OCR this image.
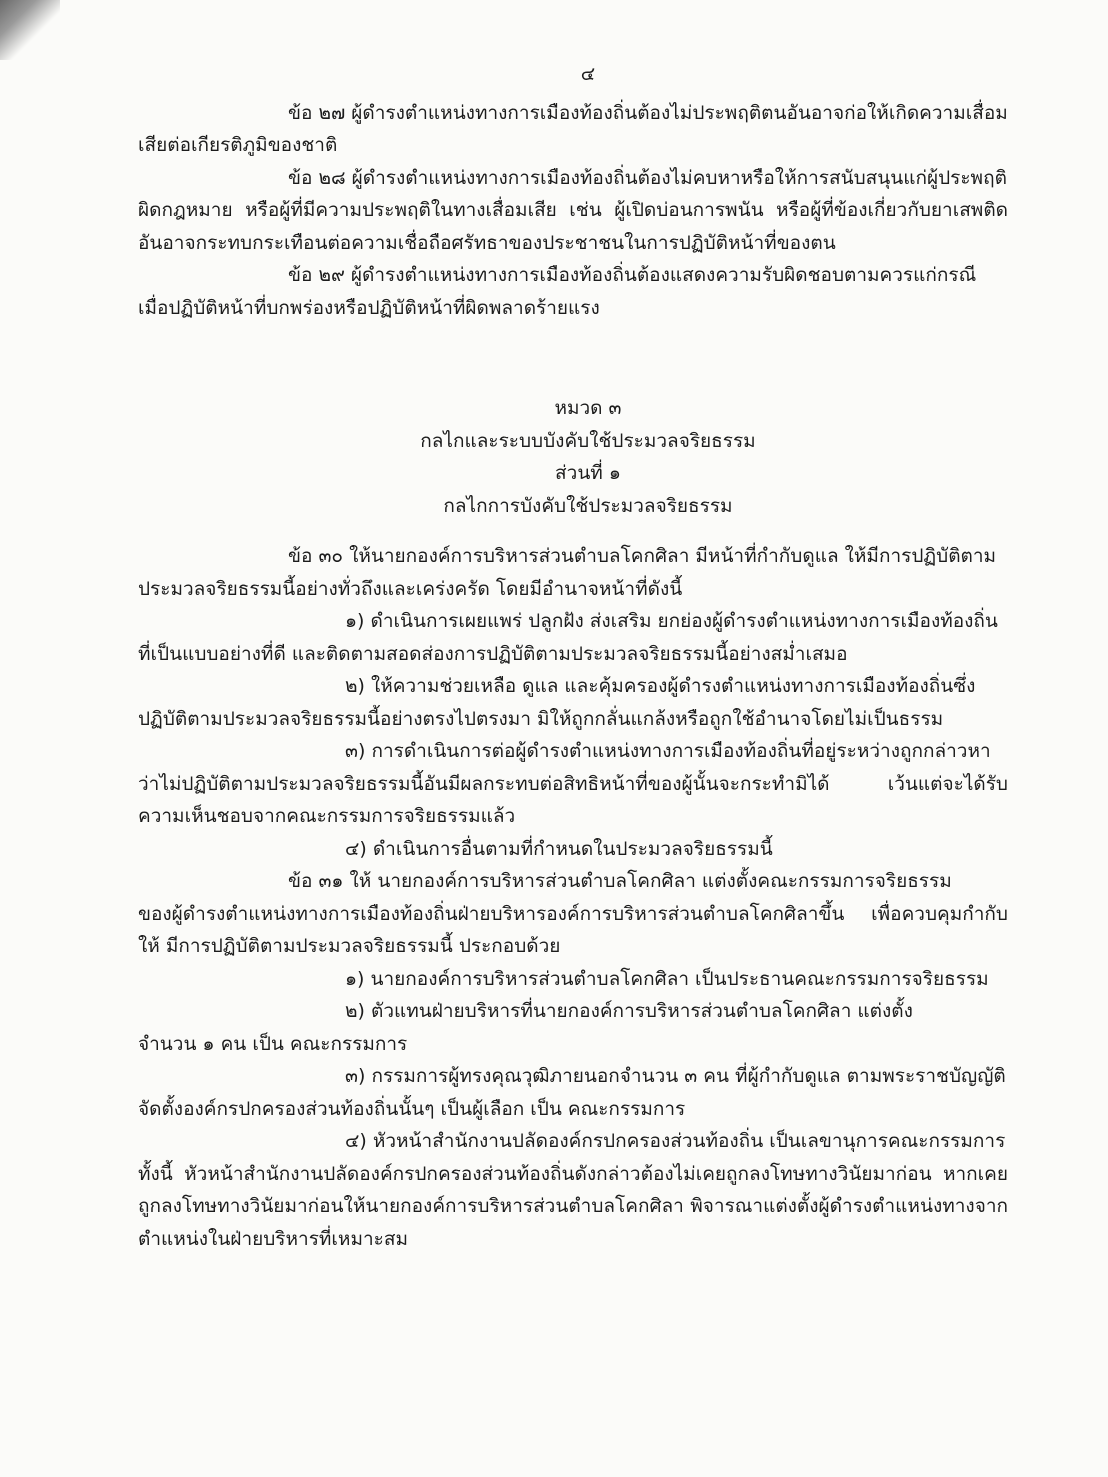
๔

ข้อ ๒๗ ผู้ดำรงตำแหน่งทางการเมืองท้องถิ่นต้องไม่ประพฤติตนอันอาจก่อให้เกิดความเสื่อม
เสียต่อเกียรติภูมิของชาติ

ข้อ ๒๘ ผู้ดำรงตำแหน่งทางการเมืองท้องถิ่นต้องไม่คบหาหรือให้การสนับสนุนแก่ผู้ประพฤติ
ผิดกฎหมาย หรือผู้ที่มีความประพฤติในทางเสื่อมเสีย เช่น ผู้เปิดบ่อนการพนัน หรือผู้ที่ข้องเกี่ยวกับยาเสพติด อันอาจกระทบกระเทือนต่อความเชื่อถือศรัทธาของประชาชนในการปฏิบัติหน้าที่ของตน

ข้อ ๒๙ ผู้ดำรงตำแหน่งทางการเมืองท้องถิ่นต้องแสดงความรับผิดชอบตามควรแก่กรณี
เมื่อปฏิบัติหน้าที่บกพร่องหรือปฏิบัติหน้าที่ผิดพลาดร้ายแรง

หมวด ๓

กลไกและระบบบังคับใช้ประมวลจริยธรรม

ส่วนที่ ๑

กลไกการบังคับใช้ประมวลจริยธรรม

ข้อ ๓๐ ให้นายกองค์การบริหารส่วนตำบลโคกศิลา มีหน้าที่กำกับดูแล ให้มีการปฏิบัติตาม
ประมวลจริยธรรมนี้อย่างทั่วถึงและเคร่งครัด โดยมีอำนาจหน้าที่ดังนี้

๑) ดำเนินการเผยแพร่ ปลูกฝัง ส่งเสริม ยกย่องผู้ดำรงตำแหน่งทางการเมืองท้องถิ่น
ที่เป็นแบบอย่างที่ดี และติดตามสอดส่องการปฏิบัติตามประมวลจริยธรรมนี้อย่างสม่ำเสมอ

๒) ให้ความช่วยเหลือ ดูแล และคุ้มครองผู้ดำรงตำแหน่งทางการเมืองท้องถิ่นซึ่ง
ปฏิบัติตามประมวลจริยธรรมนี้อย่างตรงไปตรงมา มิให้ถูกกลั่นแกล้งหรือถูกใช้อำนาจโดยไม่เป็นธรรม

๓) การดำเนินการต่อผู้ดำรงตำแหน่งทางการเมืองท้องถิ่นที่อยู่ระหว่างถูกกล่าวหา
ว่าไม่ปฏิบัติตามประมวลจริยธรรมนี้อันมีผลกระทบต่อสิทธิหน้าที่ของผู้นั้นจะกระทำมิได้ เว้นแต่จะได้รับ ความเห็นชอบจากคณะกรรมการจริยธรรมแล้ว

๔) ดำเนินการอื่นตามที่กำหนดในประมวลจริยธรรมนี้

ข้อ ๓๑ ให้ นายกองค์การบริหารส่วนตำบลโคกศิลา แต่งตั้งคณะกรรมการจริยธรรม
ของผู้ดำรงตำแหน่งทางการเมืองท้องถิ่นฝ่ายบริหารองค์การบริหารส่วนตำบลโคกศิลาขึ้น เพื่อควบคุมกำกับให้ มีการปฏิบัติตามประมวลจริยธรรมนี้ ประกอบด้วย

๑) นายกองค์การบริหารส่วนตำบลโคกศิลา เป็นประธานคณะกรรมการจริยธรรม

๒) ตัวแทนฝ่ายบริหารที่นายกองค์การบริหารส่วนตำบลโคกศิลา แต่งตั้ง
จำนวน ๑ คน เป็น คณะกรรมการ

๓) กรรมการผู้ทรงคุณวุฒิภายนอกจำนวน ๓ คน ที่ผู้กำกับดูแล ตามพระราชบัญญัติ
จัดตั้งองค์กรปกครองส่วนท้องถิ่นนั้นๆ เป็นผู้เลือก เป็น คณะกรรมการ

๔) หัวหน้าสำนักงานปลัดองค์กรปกครองส่วนท้องถิ่น เป็นเลขานุการคณะกรรมการ
ทั้งนี้ หัวหน้าสำนักงานปลัดองค์กรปกครองส่วนท้องถิ่นดังกล่าวต้องไม่เคยถูกลงโทษทางวินัยมาก่อน หากเคย ถูกลงโทษทางวินัยมาก่อนให้นายกองค์การบริหารส่วนตำบลโคกศิลา พิจารณาแต่งตั้งผู้ดำรงตำแหน่งทางจาก ตำแหน่งในฝ่ายบริหารที่เหมาะสม
